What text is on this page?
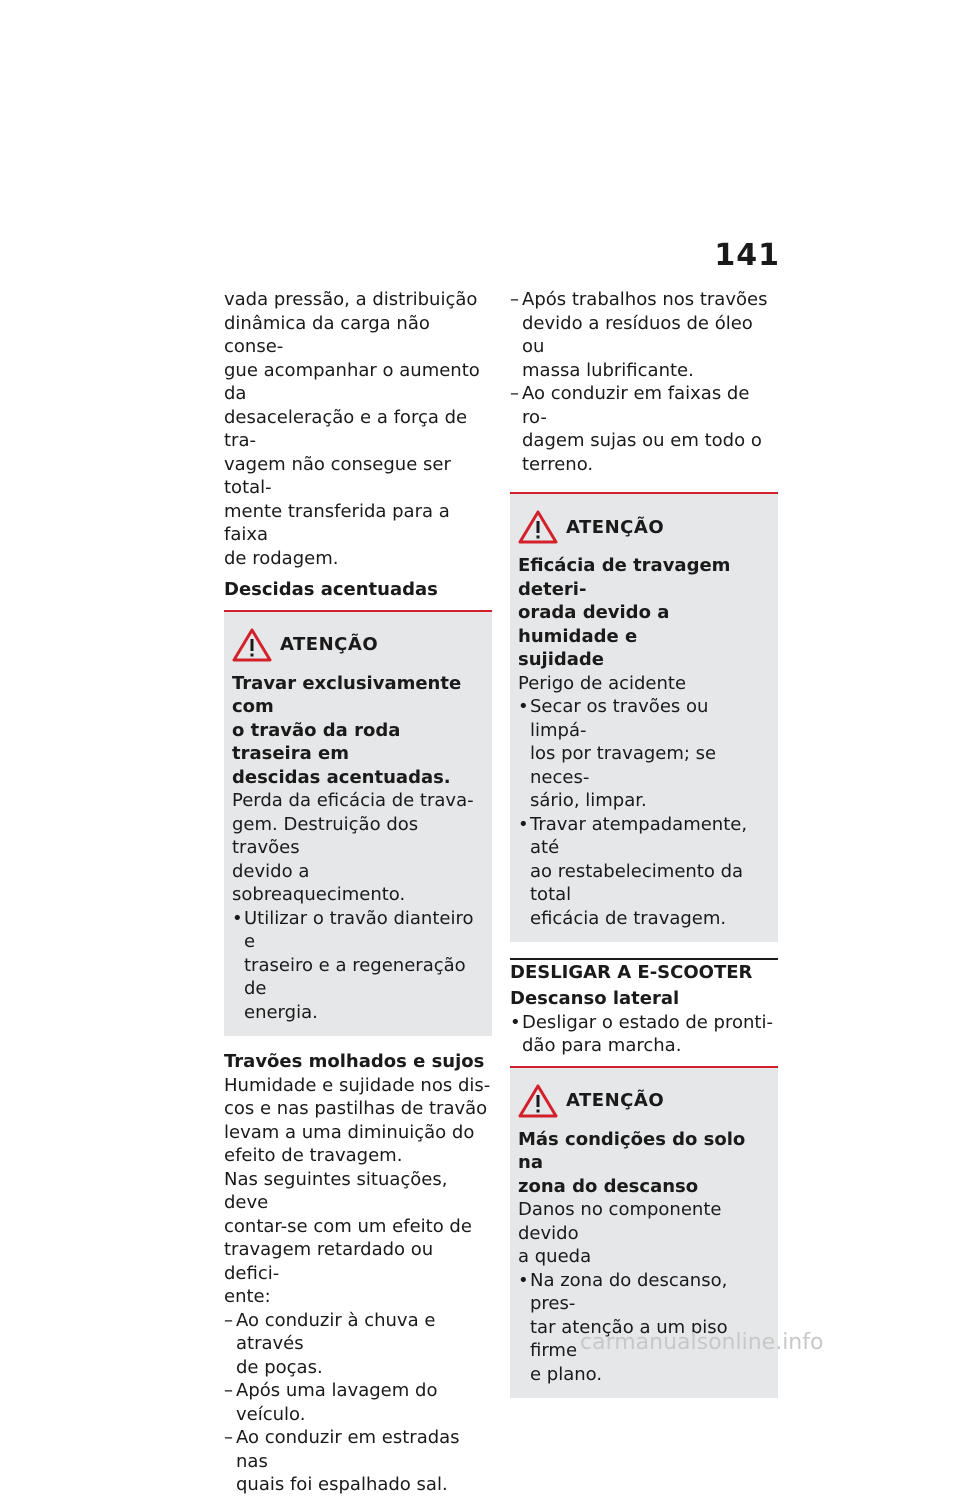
141

vada pressão, a distribuição

dinâmica da carga não conse-

gue acompanhar o aumento da

desaceleração e a força de tra-

vagem não consegue ser total-

mente transferida para a faixa

de rodagem.

Descidas acentuadas

ATENÇÃO
Travar exclusivamente com
o travão da roda traseira em
descidas acentuadas.

Perda da eficácia de trava-

gem. Destruição dos travões

devido a sobreaquecimento.

• Utilizar o travão dianteiro e
traseiro e a regeneração de
energia.

Travões molhados e sujos

Humidade e sujidade nos dis-

cos e nas pastilhas de travão

levam a uma diminuição do

efeito de travagem.

Nas seguintes situações, deve

contar-se com um efeito de

travagem retardado ou defici-

ente:

– Ao conduzir à chuva e através
de poças.
– Após uma lavagem do veículo.
– Ao conduzir em estradas nas
quais foi espalhado sal.
– Após trabalhos nos travões
devido a resíduos de óleo ou
massa lubrificante.
– Ao conduzir em faixas de ro-
dagem sujas ou em todo o
terreno.
ATENÇÃO
Eficácia de travagem deteri-
orada devido a humidade e
sujidade

Perigo de acidente

• Secar os travões ou limpá-
los por travagem; se neces-
sário, limpar.
• Travar atempadamente, até
ao restabelecimento da total
eficácia de travagem.
DESLIGAR A E-SCOOTER

Descanso lateral

• Desligar o estado de pronti-
dão para marcha.
ATENÇÃO
Más condições do solo na
zona do descanso

Danos no componente devido

a queda

• Na zona do descanso, pres-
tar atenção a um piso firme
e plano.
carmanualsonline.info
